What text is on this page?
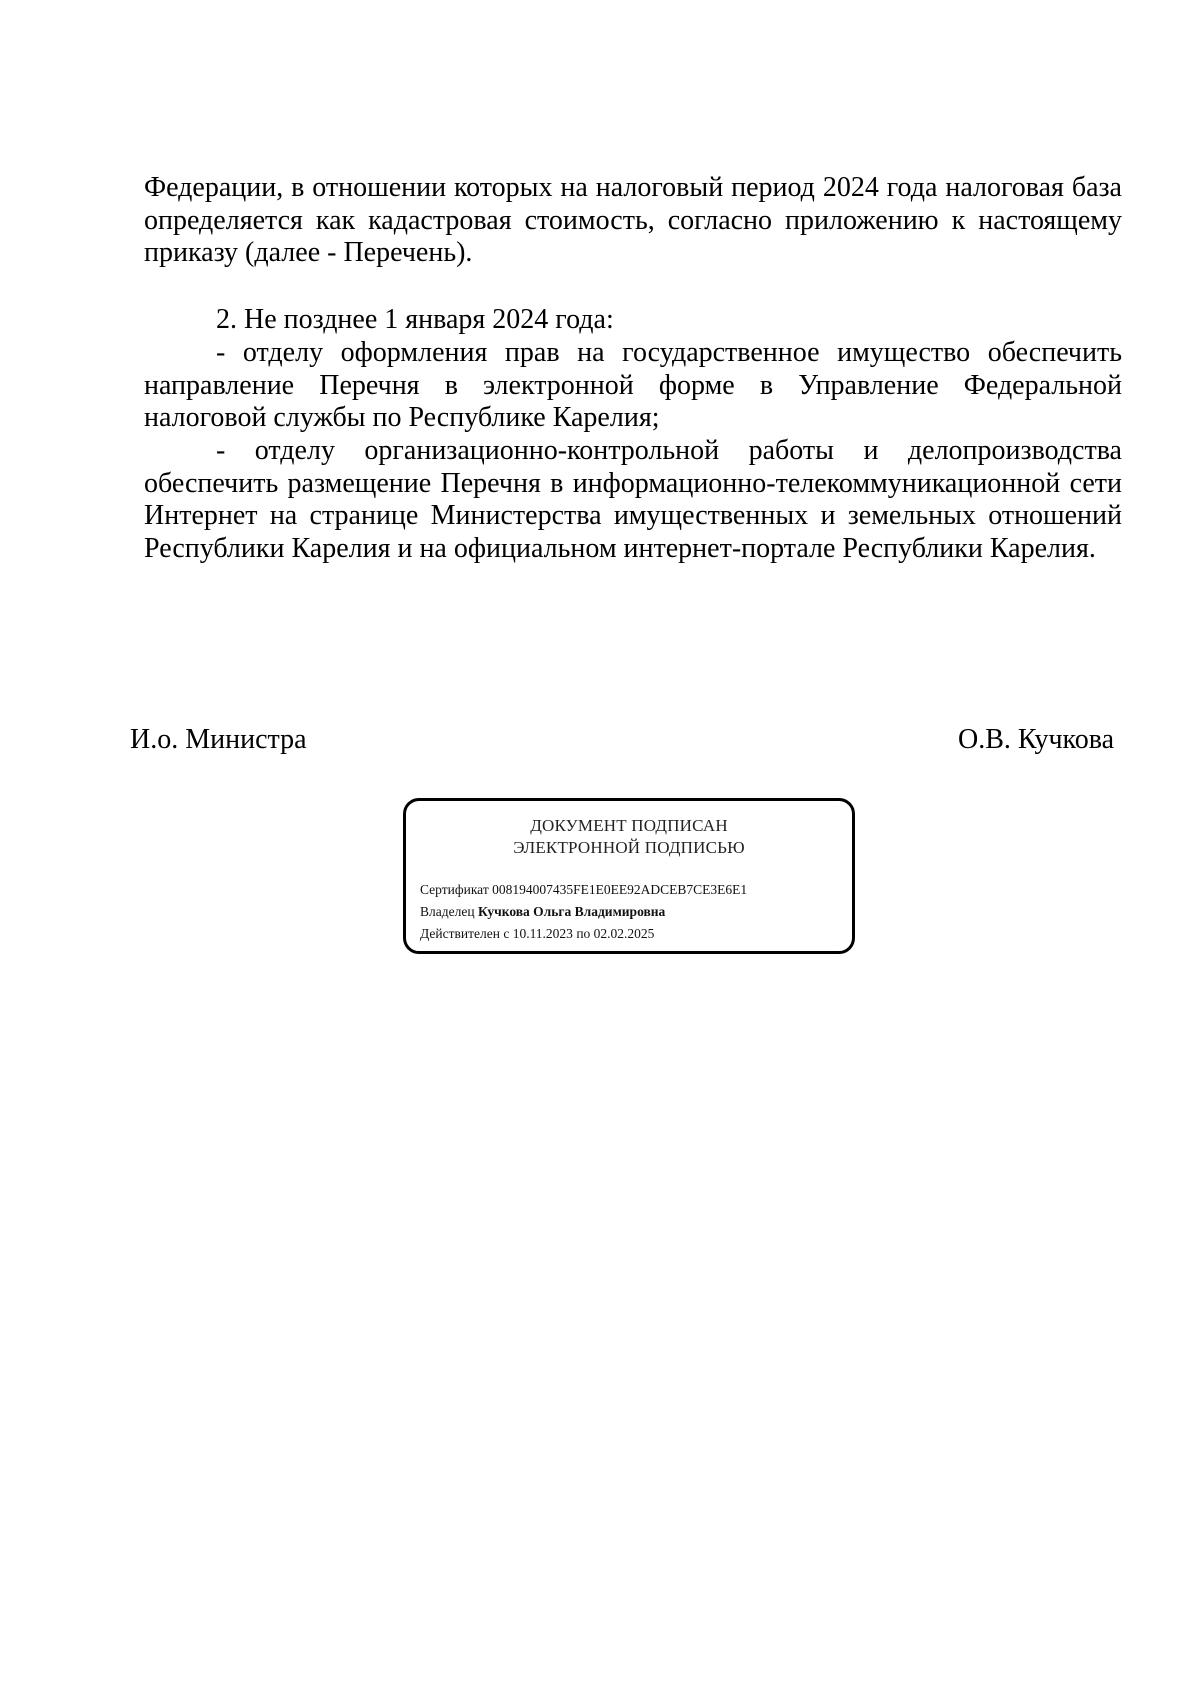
Федерации, в отношении которых на налоговый период 2024 года налоговая база определяется как кадастровая стоимость, согласно приложению к настоящему приказу (далее - Перечень).
2. Не позднее 1 января 2024 года:
- отделу оформления прав на государственное имущество обеспечить направление Перечня в электронной форме в Управление Федеральной налоговой службы по Республике Карелия;
- отделу организационно-контрольной работы и делопроизводства обеспечить размещение Перечня в информационно-телекоммуникационной сети Интернет на странице Министерства имущественных и земельных отношений Республики Карелия и на официальном интернет-портале Республики Карелия.
И.о. Министра	О.В. Кучкова
ДОКУМЕНТ ПОДПИСАН
ЭЛЕКТРОННОЙ ПОДПИСЬЮ
Сертификат 008194007435FE1E0EE92ADCEB7CE3E6E1
Владелец Кучкова Ольга Владимировна
Действителен с 10.11.2023 по 02.02.2025
